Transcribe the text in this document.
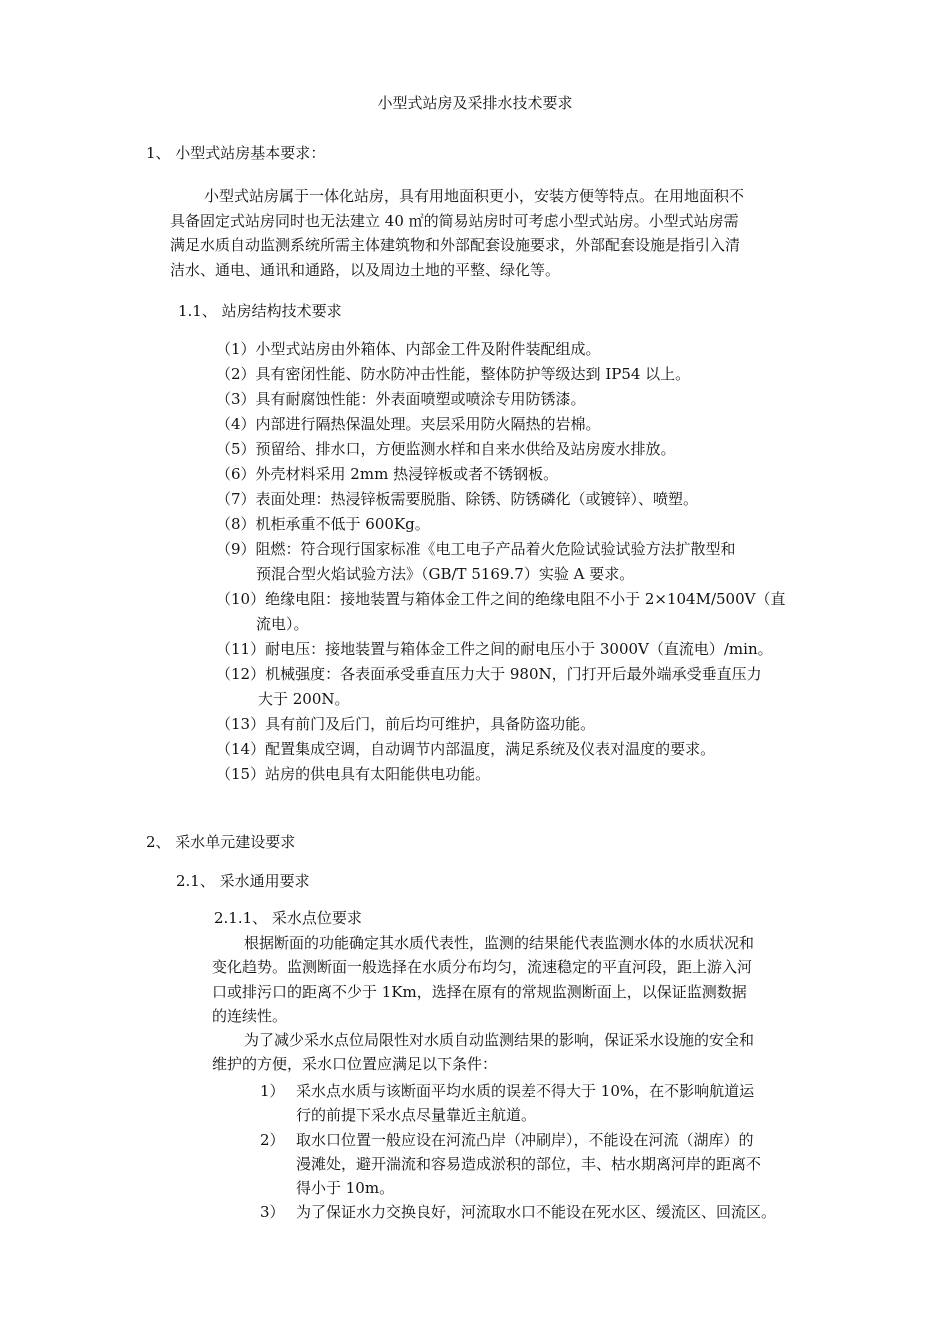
小型式站房及采排水技术要求
1、 小型式站房基本要求：
小型式站房属于一体化站房，具有用地面积更小，安装方便等特点。在用地面积不
具备固定式站房同时也无法建立 40 ㎡的简易站房时可考虑小型式站房。小型式站房需
满足水质自动监测系统所需主体建筑物和外部配套设施要求，外部配套设施是指引入清
洁水、通电、通讯和通路，以及周边土地的平整、绿化等。
1.1、 站房结构技术要求
（1）小型式站房由外箱体、内部金工件及附件装配组成。
（2）具有密闭性能、防水防冲击性能，整体防护等级达到 IP54 以上。
（3）具有耐腐蚀性能：外表面喷塑或喷涂专用防锈漆。
（4）内部进行隔热保温处理。夹层采用防火隔热的岩棉。
（5）预留给、排水口，方便监测水样和自来水供给及站房废水排放。
（6）外壳材料采用 2mm 热浸锌板或者不锈钢板。
（7）表面处理：热浸锌板需要脱脂、除锈、防锈磷化（或镀锌）、喷塑。
（8）机柜承重不低于 600Kg。
（9）阻燃：符合现行国家标准《电工电子产品着火危险试验试验方法扩散型和
预混合型火焰试验方法》（GB/T 5169.7）实验 A 要求。
（10）绝缘电阻：接地装置与箱体金工件之间的绝缘电阻不小于 2×104M/500V（直
流电）。
（11）耐电压：接地装置与箱体金工件之间的耐电压小于 3000V（直流电）/min。
（12）机械强度：各表面承受垂直压力大于 980N，门打开后最外端承受垂直压力
大于 200N。
（13）具有前门及后门，前后均可维护，具备防盗功能。
（14）配置集成空调，自动调节内部温度，满足系统及仪表对温度的要求。
（15）站房的供电具有太阳能供电功能。
2、 采水单元建设要求
2.1、 采水通用要求
2.1.1、 采水点位要求
根据断面的功能确定其水质代表性，监测的结果能代表监测水体的水质状况和
变化趋势。监测断面一般选择在水质分布均匀，流速稳定的平直河段，距上游入河
口或排污口的距离不少于 1Km，选择在原有的常规监测断面上，以保证监测数据
的连续性。
为了减少采水点位局限性对水质自动监测结果的影响，保证采水设施的安全和
维护的方便，采水口位置应满足以下条件：
1） 采水点水质与该断面平均水质的误差不得大于 10%，在不影响航道运
行的前提下采水点尽量靠近主航道。
2） 取水口位置一般应设在河流凸岸（冲刷岸），不能设在河流（湖库）的
漫滩处，避开湍流和容易造成淤积的部位，丰、枯水期离河岸的距离不
得小于 10m。
3） 为了保证水力交换良好，河流取水口不能设在死水区、缓流区、回流区。
